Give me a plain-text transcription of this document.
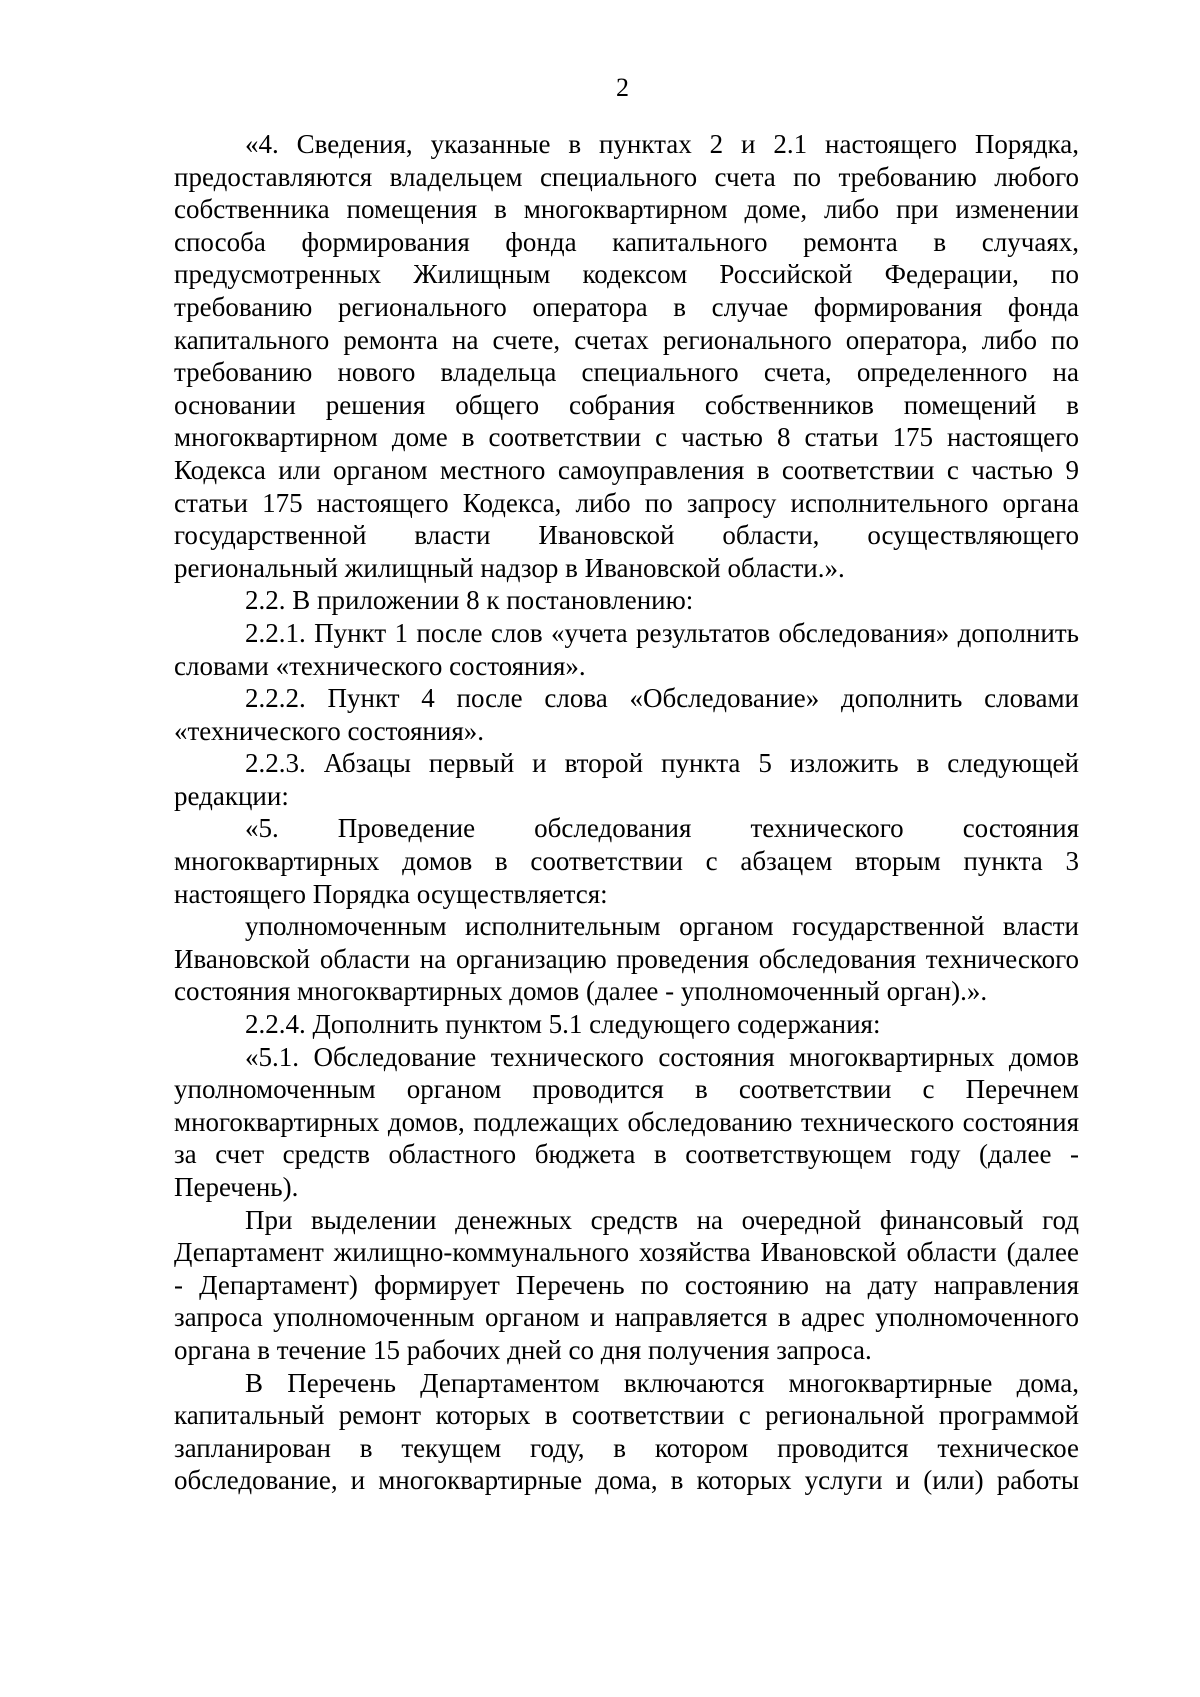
2

«4. Сведения, указанные в пунктах 2 и 2.1 настоящего Порядка, предоставляются владельцем специального счета по требованию любого собственника помещения в многоквартирном доме, либо при изменении способа формирования фонда капитального ремонта в случаях, предусмотренных Жилищным кодексом Российской Федерации, по требованию регионального оператора в случае формирования фонда капитального ремонта на счете, счетах регионального оператора, либо по требованию нового владельца специального счета, определенного на основании решения общего собрания собственников помещений в многоквартирном доме в соответствии с частью 8 статьи 175 настоящего Кодекса или органом местного самоуправления в соответствии с частью 9 статьи 175 настоящего Кодекса, либо по запросу исполнительного органа государственной власти Ивановской области, осуществляющего региональный жилищный надзор в Ивановской области.».

2.2. В приложении 8 к постановлению:

2.2.1. Пункт 1 после слов «учета результатов обследования» дополнить словами «технического состояния».

2.2.2. Пункт 4 после слова «Обследование» дополнить словами «технического состояния».

2.2.3. Абзацы первый и второй пункта 5 изложить в следующей редакции:

«5. Проведение обследования технического состояния многоквартирных домов в соответствии с абзацем вторым пункта 3 настоящего Порядка осуществляется:

уполномоченным исполнительным органом государственной власти Ивановской области на организацию проведения обследования технического состояния многоквартирных домов (далее - уполномоченный орган).».

2.2.4. Дополнить пунктом 5.1 следующего содержания:

«5.1. Обследование технического состояния многоквартирных домов уполномоченным органом проводится в соответствии с Перечнем многоквартирных домов, подлежащих обследованию технического состояния за счет средств областного бюджета в соответствующем году (далее - Перечень).

При выделении денежных средств на очередной финансовый год Департамент жилищно-коммунального хозяйства Ивановской области (далее - Департамент) формирует Перечень по состоянию на дату направления запроса уполномоченным органом и направляется в адрес уполномоченного органа в течение 15 рабочих дней со дня получения запроса.

В Перечень Департаментом включаются многоквартирные дома, капитальный ремонт которых в соответствии с региональной программой запланирован в текущем году, в котором проводится техническое обследование, и многоквартирные дома, в которых услуги и (или) работы
